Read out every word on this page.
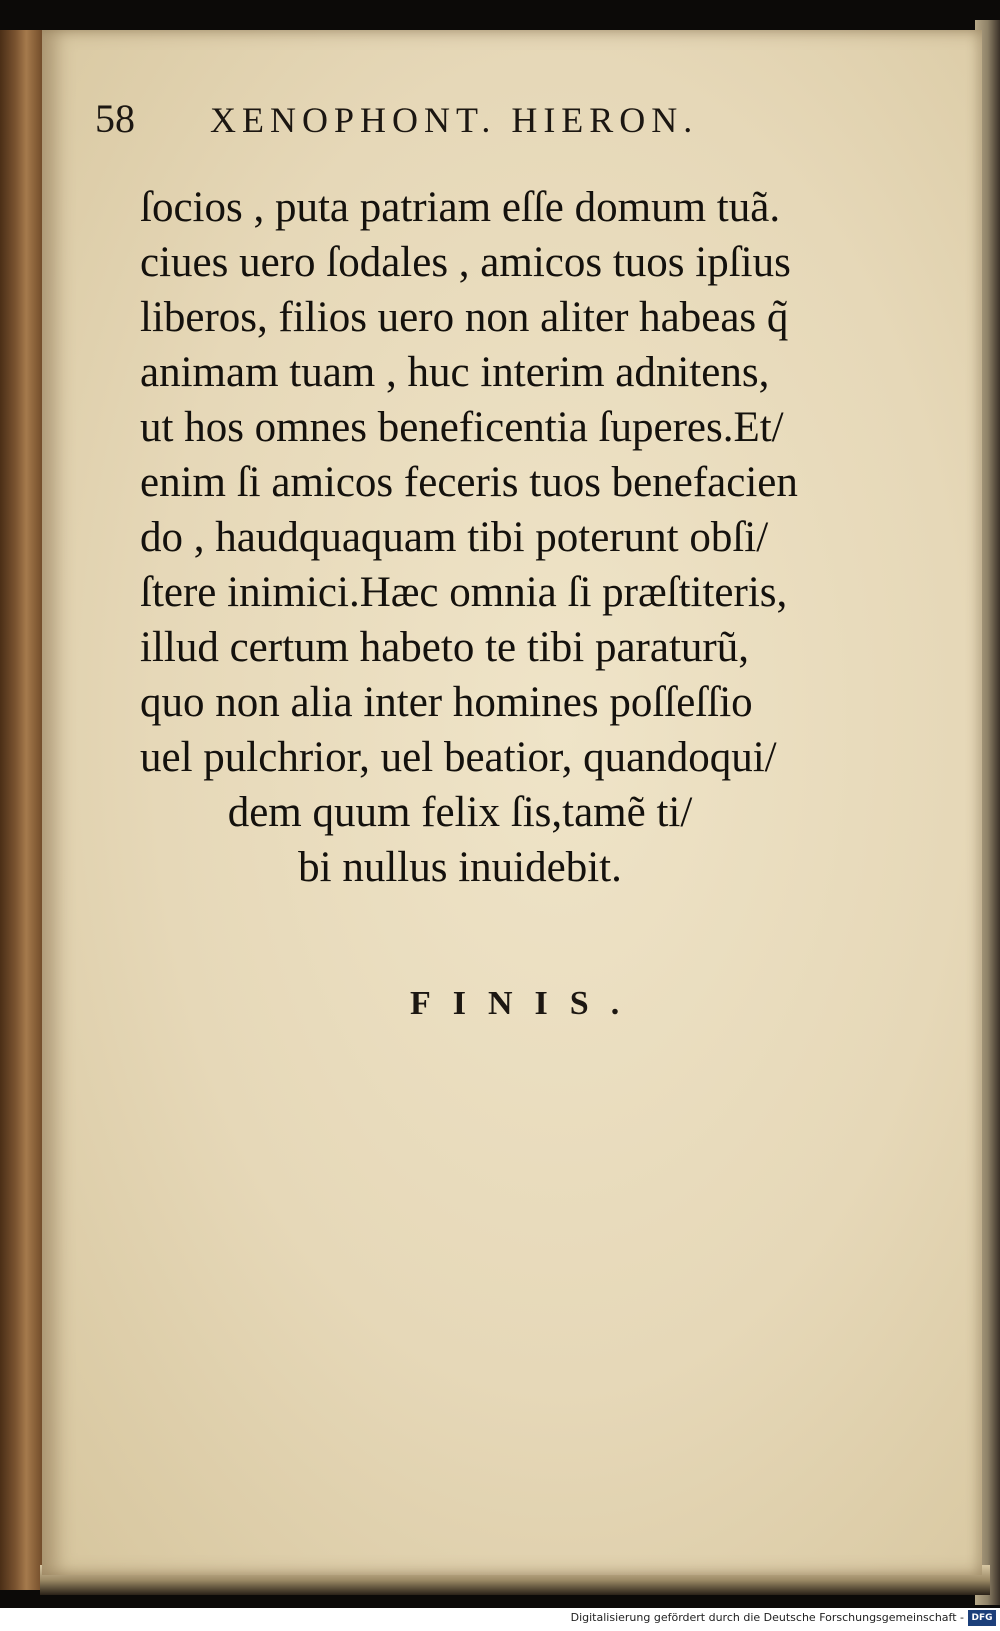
58 XENOPHONT. HIERON.
ſocios , puta patriam eſſe domum tuã.
ciues uero ſodales , amicos tuos ipſius
liberos, filios uero non aliter habeas q̃
animam tuam , huc interim adnitens,
ut hos omnes beneficentia ſuperes.Et/
enim ſi amicos feceris tuos benefacien
do , haudquaquam tibi poterunt obſi/
ſtere inimici.Hæc omnia ſi præſtiteris,
illud certum habeto te tibi paraturũ,
quo non alia inter homines poſſeſſio
uel pulchrior, uel beatior, quandoqui/
dem quum felix ſis,tamẽ ti/
bi nullus inuidebit.
FINIS.
Digitalisierung gefördert durch die Deutsche Forschungsgemeinschaft - DFG
